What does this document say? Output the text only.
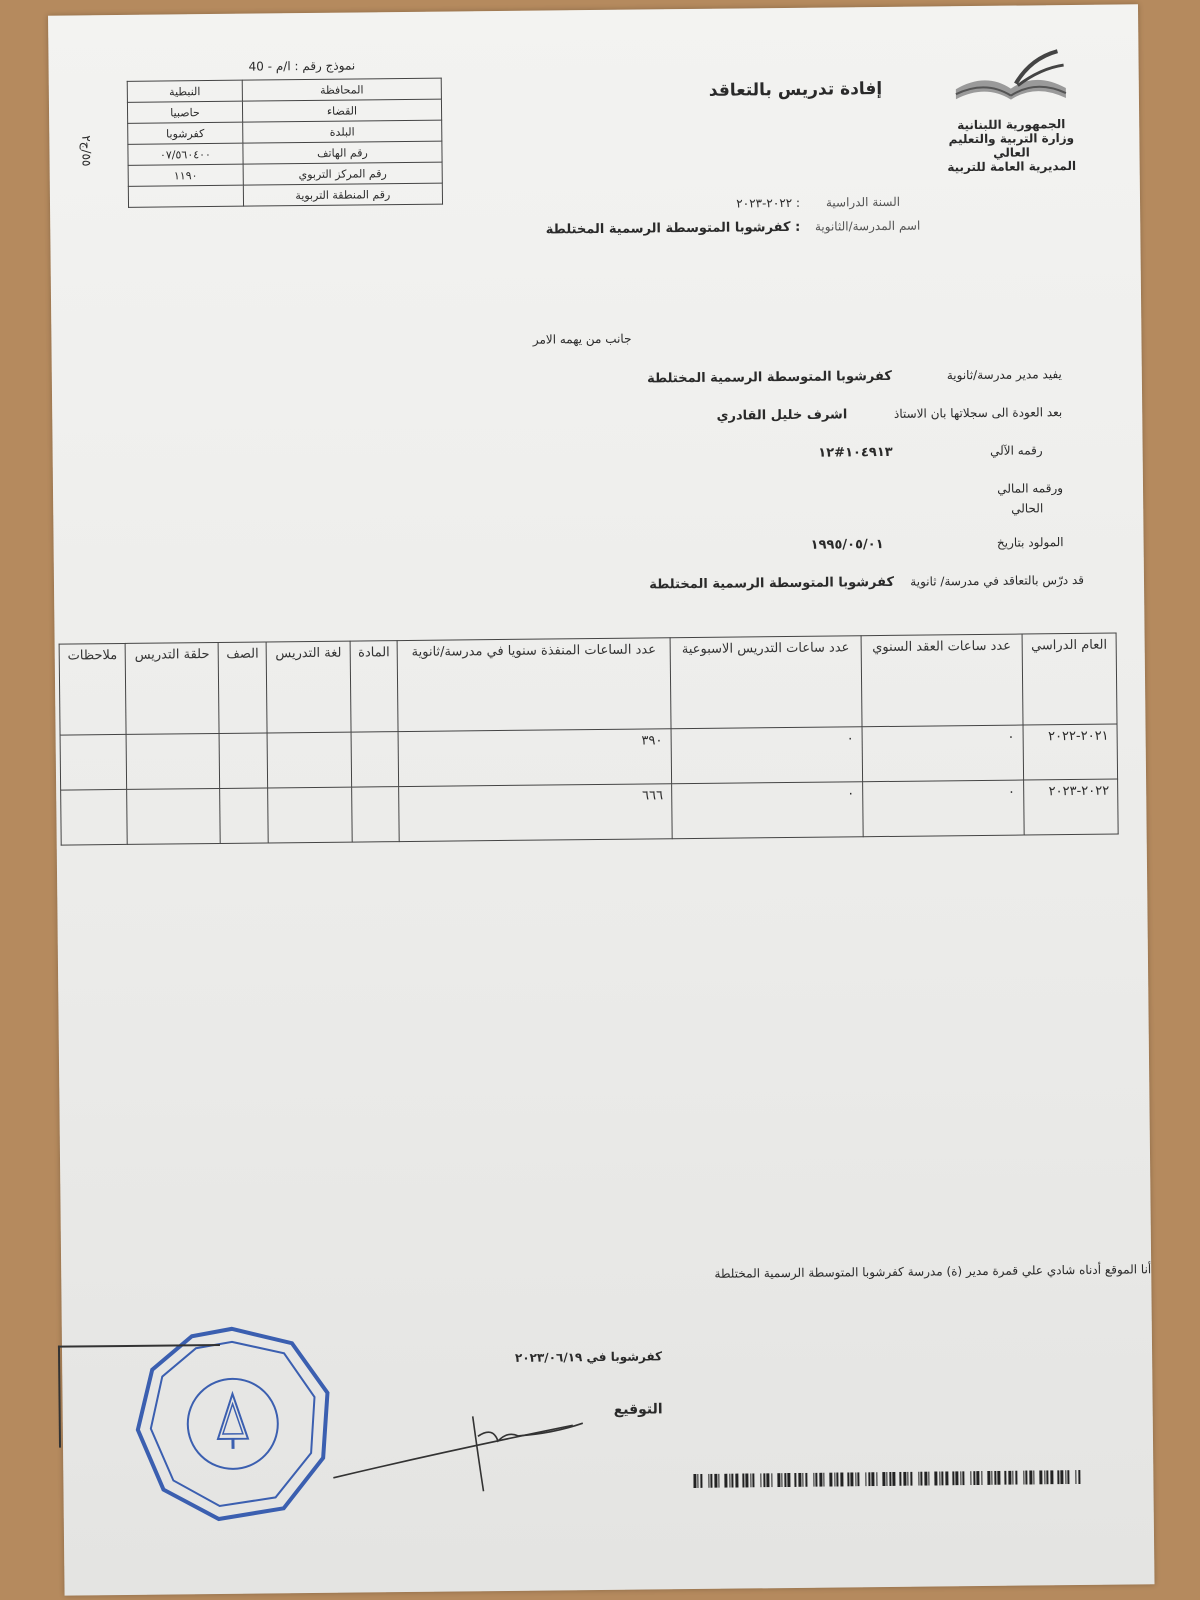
نموذج رقم : ا/م - 40
٥٥/ج٢
المحافظة	النبطية
القضاء	حاصبيا
البلدة	كفرشوبا
رقم الهاتف	٠٧/٥٦٠٤٠٠
رقم المركز التربوي	١١٩٠
رقم المنطقة التربوية	
إفادة تدريس بالتعاقد
الجمهورية اللبنانية
وزارة التربية والتعليم العالي
المديرية العامة للتربية
السنة الدراسية
: ٢٠٢٢-٢٠٢٣
اسم المدرسة/الثانوية
: كفرشوبا المتوسطة الرسمية المختلطة
جانب من يهمه الامر
يفيد مدير مدرسة/ثانوية
كفرشوبا المتوسطة الرسمية المختلطة
بعد العودة الى سجلاتها بان الاستاذ
اشرف خليل القادري
رقمه الآلي
١٠٤٩١٣#١٢
ورقمه المالي
الحالي
المولود بتاريخ
١٩٩٥/٠٥/٠١
قد درّس بالتعاقد في مدرسة/ ثانوية
كفرشوبا المتوسطة الرسمية المختلطة
العام الدراسي	عدد ساعات العقد السنوي	عدد ساعات التدريس الاسبوعية	عدد الساعات المنفذة سنويا في مدرسة/ثانوية	المادة	لغة التدريس	الصف	حلقة التدريس	ملاحظات
٢٠٢١-٢٠٢٢	٠	٠	٣٩٠					
٢٠٢٢-٢٠٢٣	٠	٠	٦٦٦					
أنا الموقع أدناه شادي علي قمرة مدير (ة) مدرسة كفرشوبا المتوسطة الرسمية المختلطة
كفرشوبا في ٢٠٢٣/٠٦/١٩
التوقيع
